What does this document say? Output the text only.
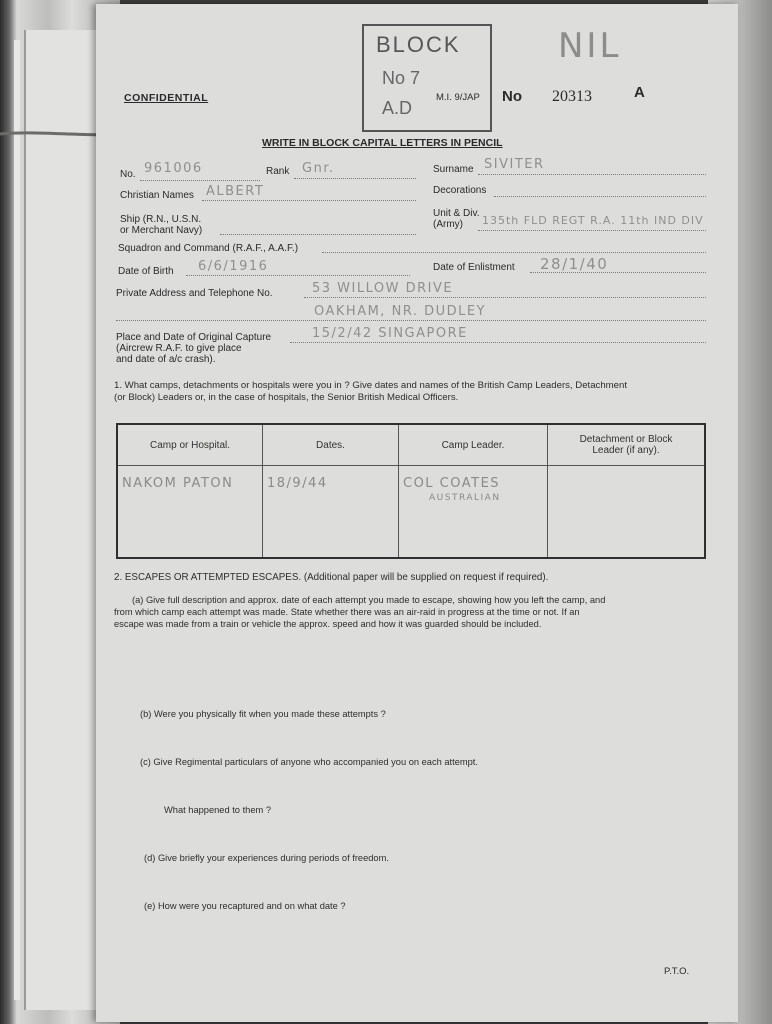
CONFIDENTIAL
BLOCK
No 7
A.D
M.I. 9/JAP No 20313	A
NIL
WRITE IN BLOCK CAPITAL LETTERS IN PENCIL
No. 961006	Rank Gnr.	Surname SIVITER
Christian Names ALBERT	Decorations
Ship (R.N., U.S.N.
or Merchant Navy)
Unit & Div.
(Army) 135th FLD REGT R.A. 11th IND DIV
Squadron and Command (R.A.F., A.A.F.)
Date of Birth 6/6/1916	Date of Enlistment 28/1/40
Private Address and Telephone No.	53 WILLOW DRIVE
OAKHAM, NR. DUDLEY
Place and Date of Original Capture
(Aircrew R.A.F. to give place
and date of a/c crash).
15/2/42 SINGAPORE
1. What camps, detachments or hospitals were you in ? Give dates and names of the British Camp Leaders, Detachment
(or Block) Leaders or, in the case of hospitals, the Senior British Medical Officers.
Camp or Hospital.	Dates.	Camp Leader.	Detachment or Block
Leader (if any).

NAKOM PATON	18/9/44	COL COATES
AUSTRALIAN	

2. ESCAPES OR ATTEMPTED ESCAPES. (Additional paper will be supplied on request if required).
(a) Give full description and approx. date of each attempt you made to escape, showing how you left the camp, and
from which camp each attempt was made. State whether there was an air-raid in progress at the time or not. If an
escape was made from a train or vehicle the approx. speed and how it was guarded should be included.
(b) Were you physically fit when you made these attempts ?
(c) Give Regimental particulars of anyone who accompanied you on each attempt.
What happened to them ?
(d) Give briefly your experiences during periods of freedom.
(e) How were you recaptured and on what date ?
P.T.O.
